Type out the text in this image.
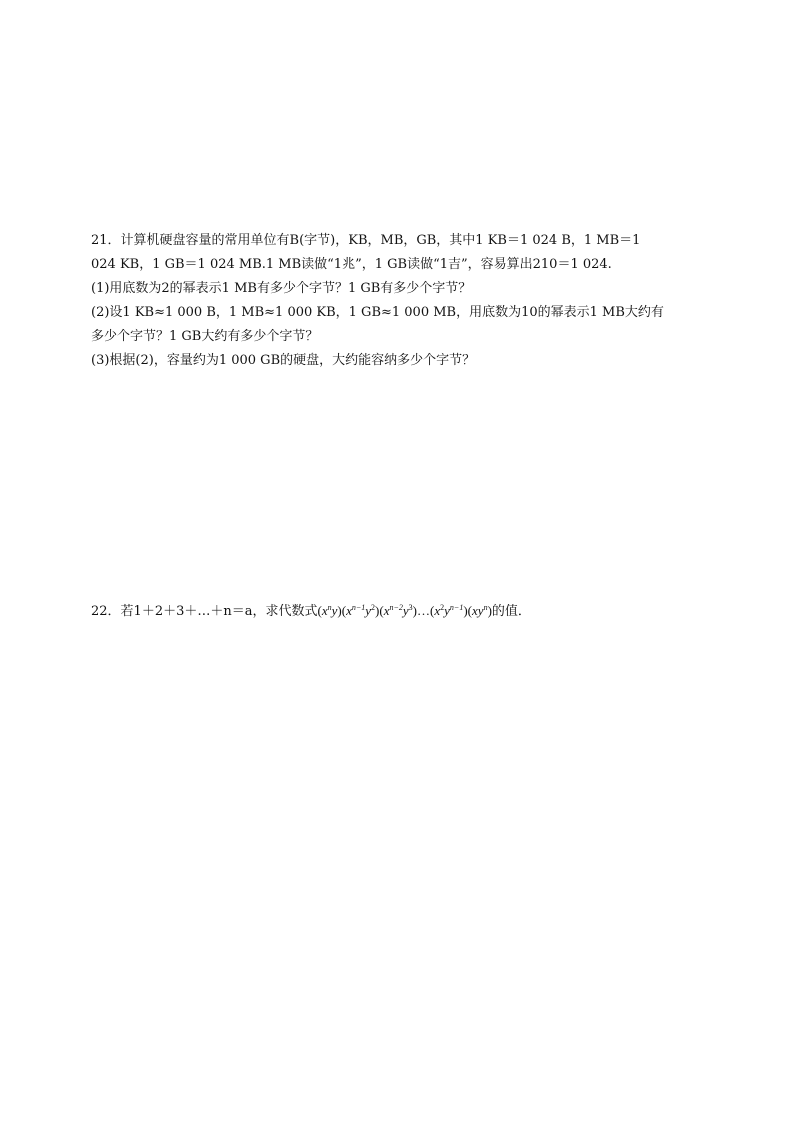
21．计算机硬盘容量的常用单位有B(字节)，KB，MB，GB，其中1 KB＝1 024 B，1 MB＝1
024 KB，1 GB＝1 024 MB.1 MB读做“1兆”，1 GB读做“1吉”，容易算出210＝1 024.
(1)用底数为2的幂表示1 MB有多少个字节？1 GB有多少个字节？
(2)设1 KB≈1 000 B，1 MB≈1 000 KB，1 GB≈1 000 MB，用底数为10的幂表示1 MB大约有
多少个字节？1 GB大约有多少个字节？
(3)根据(2)，容量约为1 000 GB的硬盘，大约能容纳多少个字节？
22．若1＋2＋3＋…＋n＝a，求代数式$(x^ny)(x^{n-1}y^2)(x^{n-2}y^3)\dots(x^2y^{n-1})(xy^n)$的值．
